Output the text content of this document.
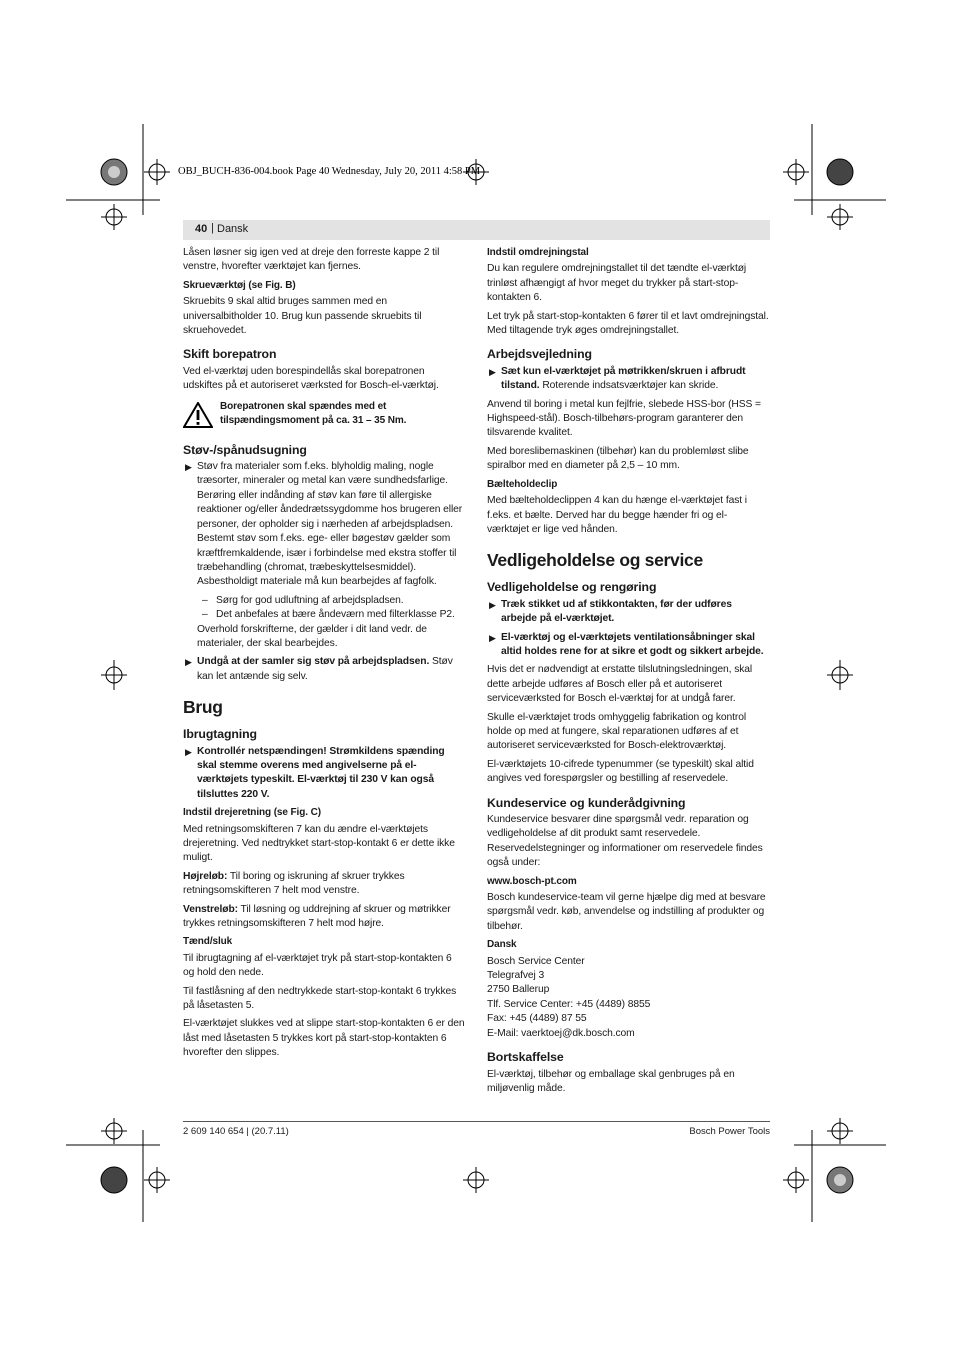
OBJ_BUCH-836-004.book Page 40 Wednesday, July 20, 2011 4:58 PM
40 | Dansk

Låsen løsner sig igen ved at dreje den forreste kappe 2 til venstre, hvorefter værktøjet kan fjernes.

Skrueværktøj (se Fig. B)

Skruebits 9 skal altid bruges sammen med en universalbitholder 10. Brug kun passende skruebits til skruehovedet.

Skift borepatron

Ved el-værktøj uden borespindellås skal borepatronen udskiftes på et autoriseret værksted for Bosch-el-værktøj.

Borepatronen skal spændes med et tilspændingsmoment på ca. 31 – 35 Nm.
Støv-/spånudsugning
▶ Støv fra materialer som f.eks. blyholdig maling, nogle træsorter, mineraler og metal kan være sundhedsfarlige. Berøring eller indånding af støv kan føre til allergiske reaktioner og/eller åndedrætssygdomme hos brugeren eller personer, der opholder sig i nærheden af arbejdspladsen. Bestemt støv som f.eks. ege- eller bøgestøv gælder som kræftfremkaldende, især i forbindelse med ekstra stoffer til træbehandling (chromat, træbeskyttelsesmiddel). Asbestholdigt materiale må kun bearbejdes af fagfolk.
– Sørg for god udluftning af arbejdspladsen.
– Det anbefales at bære åndeværn med filterklasse P2.

Overhold forskrifterne, der gælder i dit land vedr. de materialer, der skal bearbejdes.

▶ Undgå at der samler sig støv på arbejdspladsen. Støv kan let antænde sig selv.
Brug
Ibrugtagning
▶ Kontrollér netspændingen! Strømkildens spænding skal stemme overens med angivelserne på el-værktøjets typeskilt. El-værktøj til 230 V kan også tilsluttes 220 V.
Indstil drejeretning (se Fig. C)

Med retningsomskifteren 7 kan du ændre el-værktøjets drejeretning. Ved nedtrykket start-stop-kontakt 6 er dette ikke muligt.

Højreløb: Til boring og iskruning af skruer trykkes retningsomskifteren 7 helt mod venstre.

Venstreløb: Til løsning og uddrejning af skruer og møtrikker trykkes retningsomskifteren 7 helt mod højre.

Tænd/sluk

Til ibrugtagning af el-værktøjet tryk på start-stop-kontakten 6 og hold den nede.

Til fastlåsning af den nedtrykkede start-stop-kontakt 6 trykkes på låsetasten 5.

El-værktøjet slukkes ved at slippe start-stop-kontakten 6 er den låst med låsetasten 5 trykkes kort på start-stop-kontakten 6 hvorefter den slippes.

Indstil omdrejningstal

Du kan regulere omdrejningstallet til det tændte el-værktøj trinløst afhængigt af hvor meget du trykker på start-stop-kontakten 6.

Let tryk på start-stop-kontakten 6 fører til et lavt omdrejningstal. Med tiltagende tryk øges omdrejningstallet.

Arbejdsvejledning
▶ Sæt kun el-værktøjet på møtrikken/skruen i afbrudt tilstand. Roterende indsatsværktøjer kan skride.

Anvend til boring i metal kun fejlfrie, slebede HSS-bor (HSS = Highspeed-stål). Bosch-tilbehørs-program garanterer den tilsvarende kvalitet.

Med boreslibemaskinen (tilbehør) kan du problemløst slibe spiralbor med en diameter på 2,5 – 10 mm.

Bælteholdeclip

Med bælteholdeclippen 4 kan du hænge el-værktøjet fast i f.eks. et bælte. Derved har du begge hænder fri og el-værktøjet er lige ved hånden.

Vedligeholdelse og service
Vedligeholdelse og rengøring
▶ Træk stikket ud af stikkontakten, før der udføres arbejde på el-værktøjet.
▶ El-værktøj og el-værktøjets ventilationsåbninger skal altid holdes rene for at sikre et godt og sikkert arbejde.

Hvis det er nødvendigt at erstatte tilslutningsledningen, skal dette arbejde udføres af Bosch eller på et autoriseret serviceværksted for Bosch el-værktøj for at undgå farer.

Skulle el-værktøjet trods omhyggelig fabrikation og kontrol holde op med at fungere, skal reparationen udføres af et autoriseret serviceværksted for Bosch-elektroværktøj.

El-værktøjets 10-cifrede typenummer (se typeskilt) skal altid angives ved forespørgsler og bestilling af reservedele.

Kundeservice og kunderådgivning

Kundeservice besvarer dine spørgsmål vedr. reparation og vedligeholdelse af dit produkt samt reservedele. Reservedelstegninger og informationer om reservedele findes også under:

www.bosch-pt.com

Bosch kundeservice-team vil gerne hjælpe dig med at besvare spørgsmål vedr. køb, anvendelse og indstilling af produkter og tilbehør.

Dansk
Bosch Service Center
Telegrafvej 3
2750 Ballerup
Tlf. Service Center: +45 (4489) 8855
Fax: +45 (4489) 87 55
E-Mail: vaerktoej@dk.bosch.com
Bortskaffelse

El-værktøj, tilbehør og emballage skal genbruges på en miljøvenlig måde.

2 609 140 654 | (20.7.11)	Bosch Power Tools
